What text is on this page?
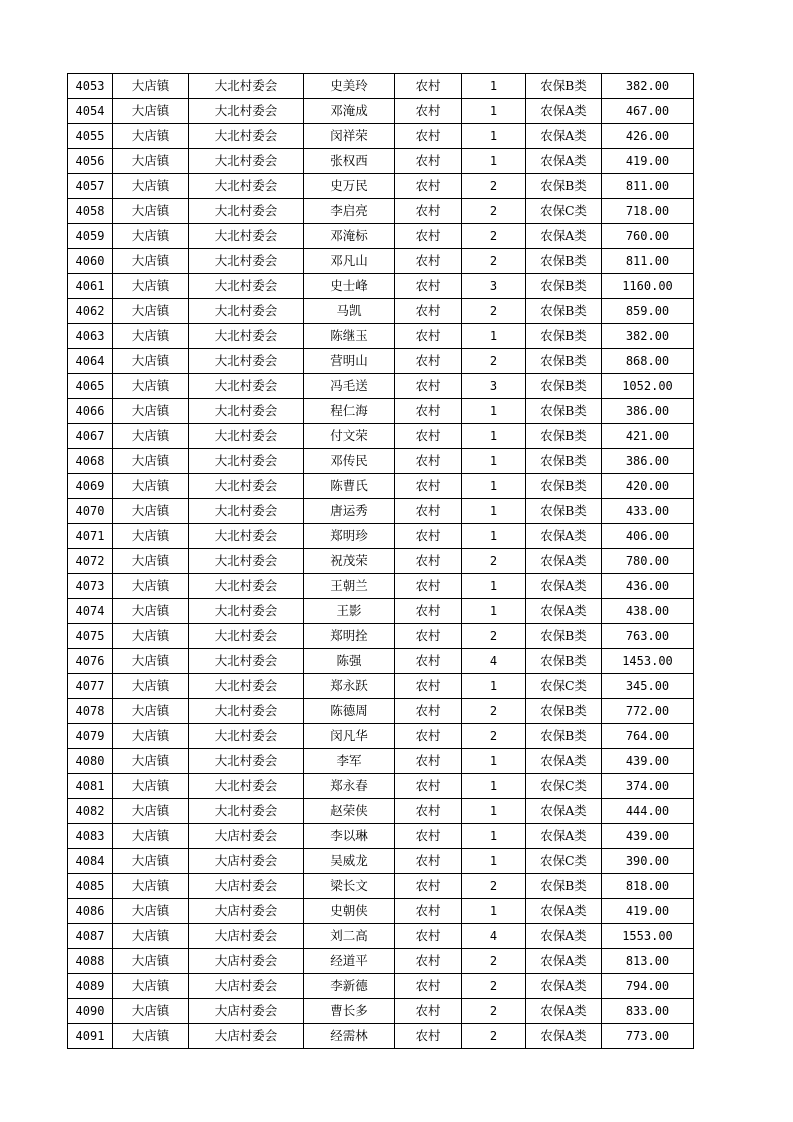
4053	大店镇	大北村委会	史美玲	农村	1	农保B类	382.00
4054	大店镇	大北村委会	邓淹成	农村	1	农保A类	467.00
4055	大店镇	大北村委会	闵祥荣	农村	1	农保A类	426.00
4056	大店镇	大北村委会	张权西	农村	1	农保A类	419.00
4057	大店镇	大北村委会	史万民	农村	2	农保B类	811.00
4058	大店镇	大北村委会	李启亮	农村	2	农保C类	718.00
4059	大店镇	大北村委会	邓淹标	农村	2	农保A类	760.00
4060	大店镇	大北村委会	邓凡山	农村	2	农保B类	811.00
4061	大店镇	大北村委会	史士峰	农村	3	农保B类	1160.00
4062	大店镇	大北村委会	马凯	农村	2	农保B类	859.00
4063	大店镇	大北村委会	陈继玉	农村	1	农保B类	382.00
4064	大店镇	大北村委会	营明山	农村	2	农保B类	868.00
4065	大店镇	大北村委会	冯毛送	农村	3	农保B类	1052.00
4066	大店镇	大北村委会	程仁海	农村	1	农保B类	386.00
4067	大店镇	大北村委会	付文荣	农村	1	农保B类	421.00
4068	大店镇	大北村委会	邓传民	农村	1	农保B类	386.00
4069	大店镇	大北村委会	陈曹氏	农村	1	农保B类	420.00
4070	大店镇	大北村委会	唐运秀	农村	1	农保B类	433.00
4071	大店镇	大北村委会	郑明珍	农村	1	农保A类	406.00
4072	大店镇	大北村委会	祝茂荣	农村	2	农保A类	780.00
4073	大店镇	大北村委会	王朝兰	农村	1	农保A类	436.00
4074	大店镇	大北村委会	王影	农村	1	农保A类	438.00
4075	大店镇	大北村委会	郑明拴	农村	2	农保B类	763.00
4076	大店镇	大北村委会	陈强	农村	4	农保B类	1453.00
4077	大店镇	大北村委会	郑永跃	农村	1	农保C类	345.00
4078	大店镇	大北村委会	陈德周	农村	2	农保B类	772.00
4079	大店镇	大北村委会	闵凡华	农村	2	农保B类	764.00
4080	大店镇	大北村委会	李军	农村	1	农保A类	439.00
4081	大店镇	大北村委会	郑永春	农村	1	农保C类	374.00
4082	大店镇	大北村委会	赵荣侠	农村	1	农保A类	444.00
4083	大店镇	大店村委会	李以琳	农村	1	农保A类	439.00
4084	大店镇	大店村委会	吴威龙	农村	1	农保C类	390.00
4085	大店镇	大店村委会	梁长文	农村	2	农保B类	818.00
4086	大店镇	大店村委会	史朝侠	农村	1	农保A类	419.00
4087	大店镇	大店村委会	刘二高	农村	4	农保A类	1553.00
4088	大店镇	大店村委会	经道平	农村	2	农保A类	813.00
4089	大店镇	大店村委会	李新德	农村	2	农保A类	794.00
4090	大店镇	大店村委会	曹长多	农村	2	农保A类	833.00
4091	大店镇	大店村委会	经需林	农村	2	农保A类	773.00
